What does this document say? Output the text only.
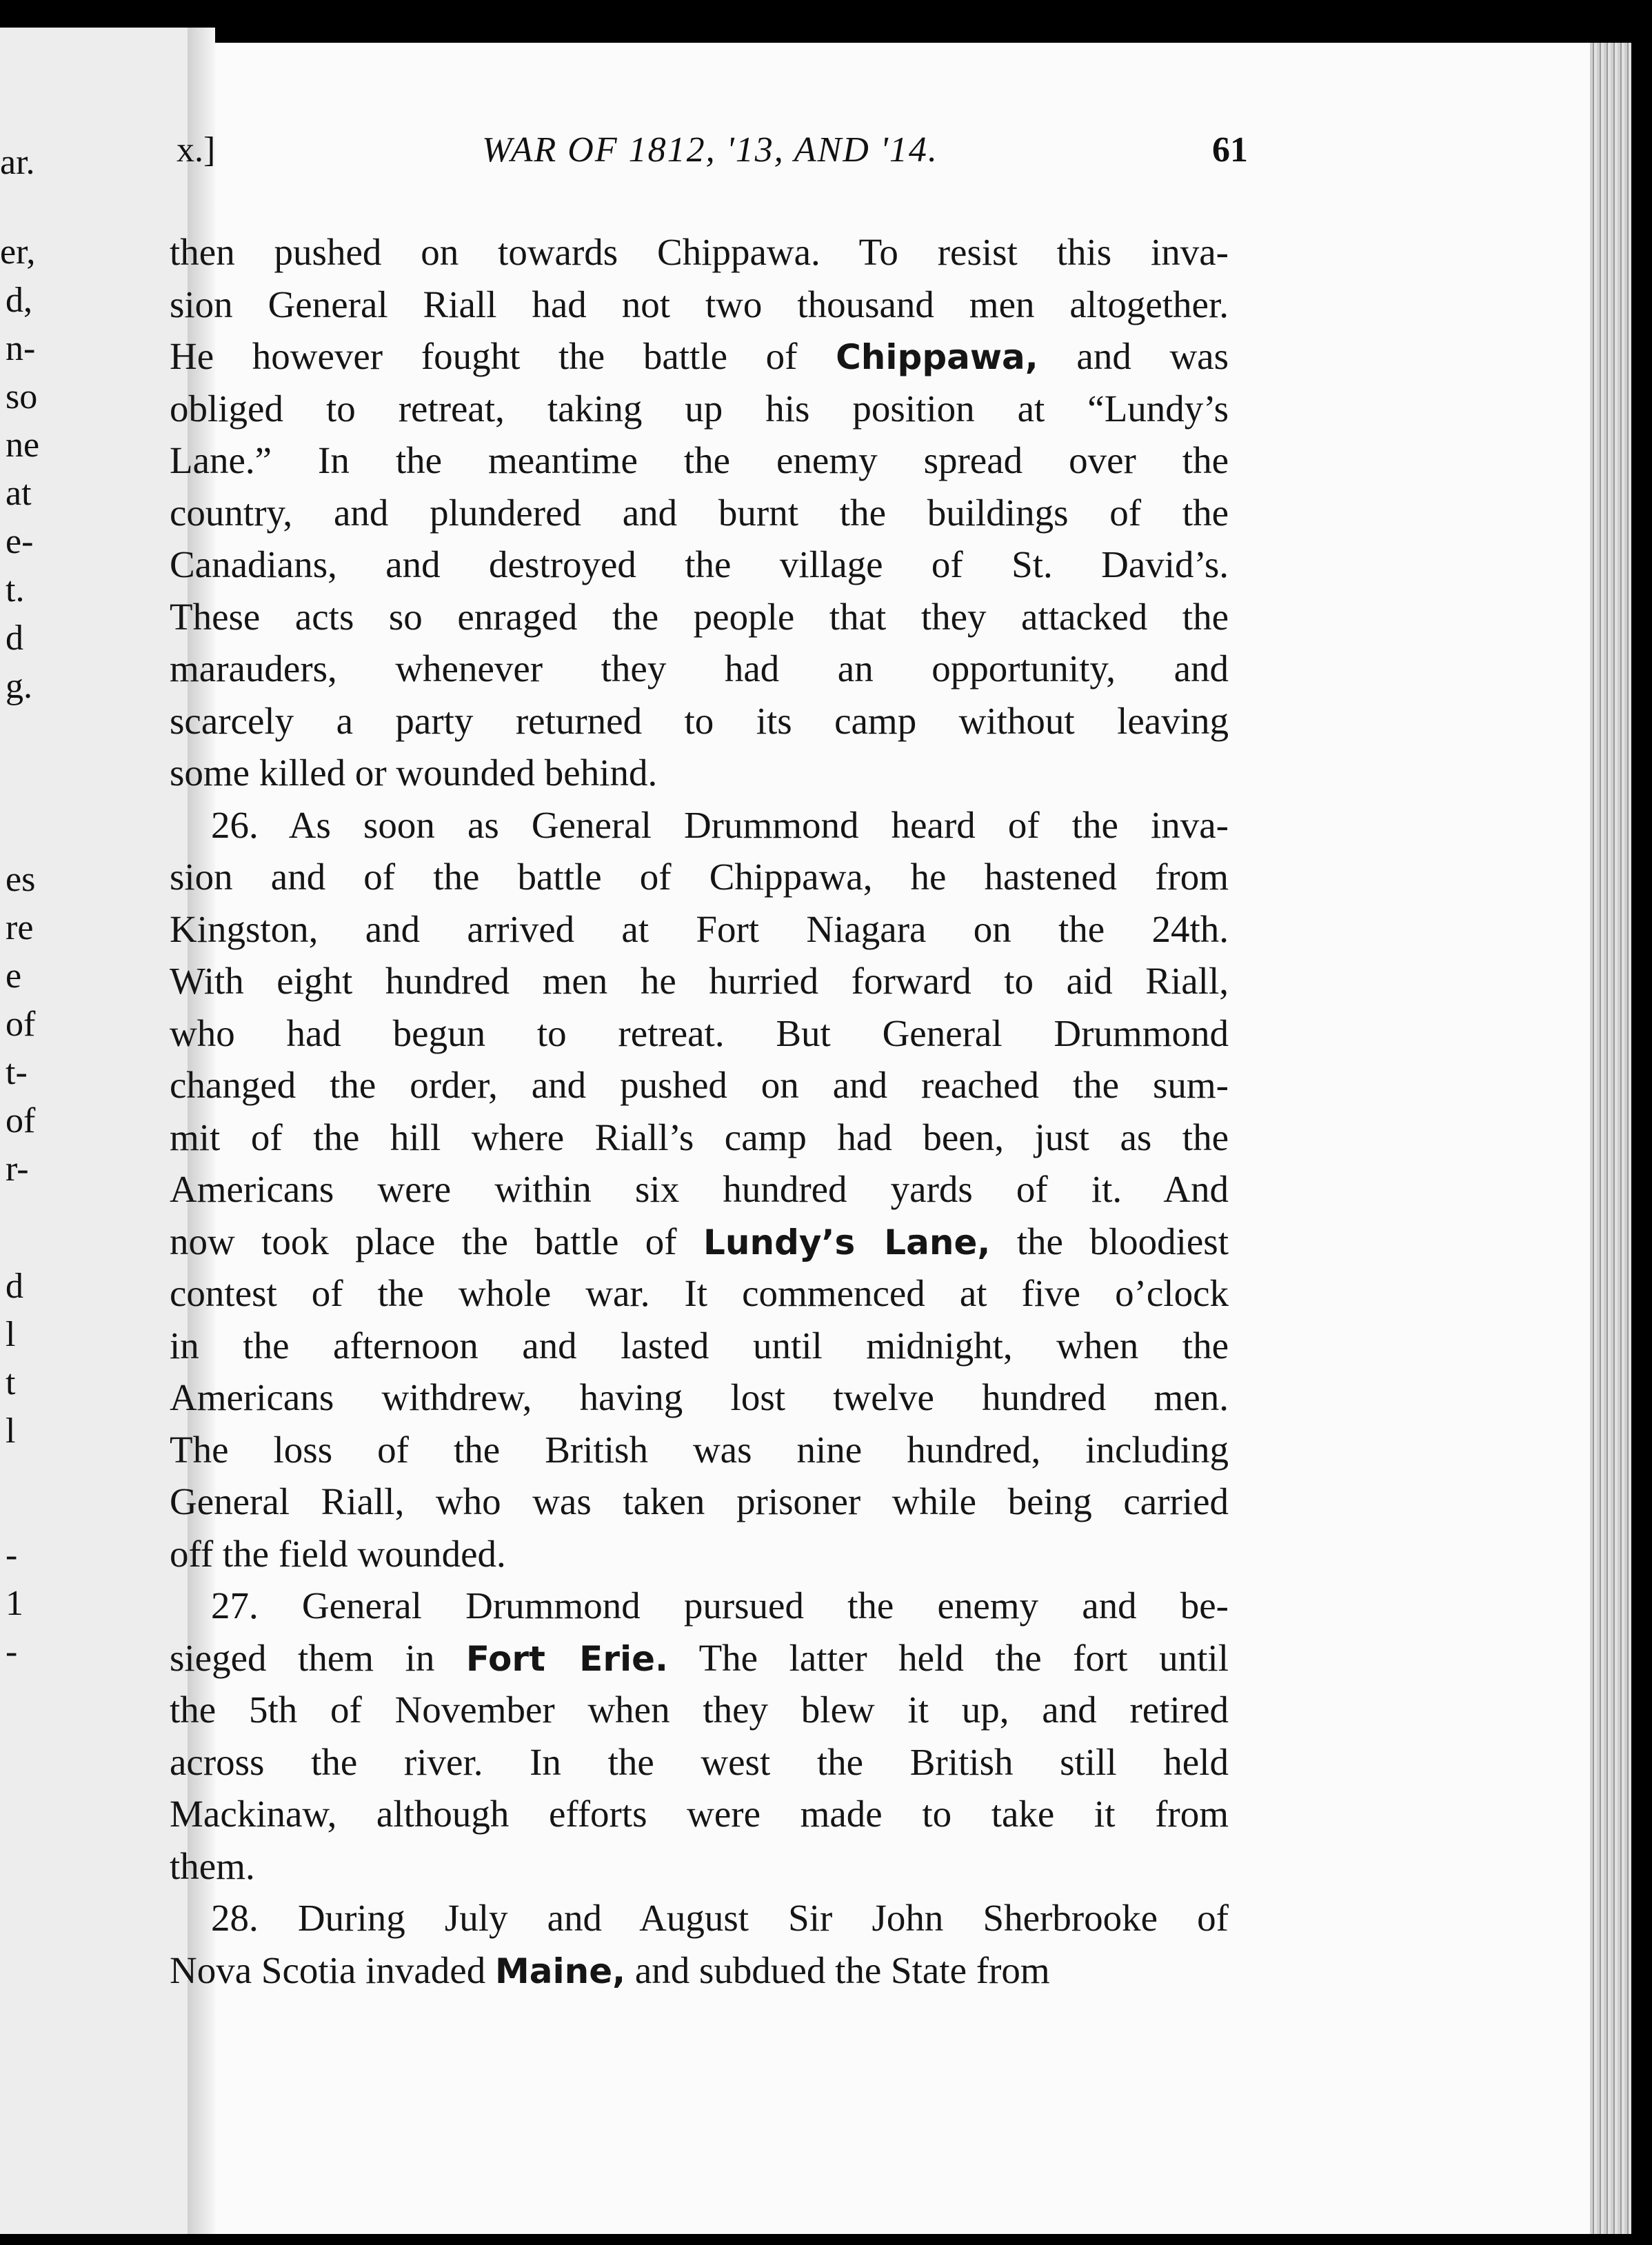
ar.
er,
d,
n-
so
ne
at
e-
t.
d
g.
es
re
e
of
t-
of
r-
d
l
t
l
-
1
-
x.]	WAR OF 1812, '13, AND '14.	61
then pushed on towards Chippawa. To resist this inva-
sion General Riall had not two thousand men altogether.
He however fought the battle of Chippawa, and was
obliged to retreat, taking up his position at “Lundy’s
Lane.” In the meantime the enemy spread over the
country, and plundered and burnt the buildings of the
Canadians, and destroyed the village of St. David’s.
These acts so enraged the people that they attacked the
marauders, whenever they had an opportunity, and
scarcely a party returned to its camp without leaving
some killed or wounded behind.
26. As soon as General Drummond heard of the inva-
sion and of the battle of Chippawa, he hastened from
Kingston, and arrived at Fort Niagara on the 24th.
With eight hundred men he hurried forward to aid Riall,
who had begun to retreat. But General Drummond
changed the order, and pushed on and reached the sum-
mit of the hill where Riall’s camp had been, just as the
Americans were within six hundred yards of it. And
now took place the battle of Lundy’s Lane, the bloodiest
contest of the whole war. It commenced at five o’clock
in the afternoon and lasted until midnight, when the
Americans withdrew, having lost twelve hundred men.
The loss of the British was nine hundred, including
General Riall, who was taken prisoner while being carried
off the field wounded.
27. General Drummond pursued the enemy and be-
sieged them in Fort Erie. The latter held the fort until
the 5th of November when they blew it up, and retired
across the river. In the west the British still held
Mackinaw, although efforts were made to take it from
them.
28. During July and August Sir John Sherbrooke of
Nova Scotia invaded Maine, and subdued the State from
